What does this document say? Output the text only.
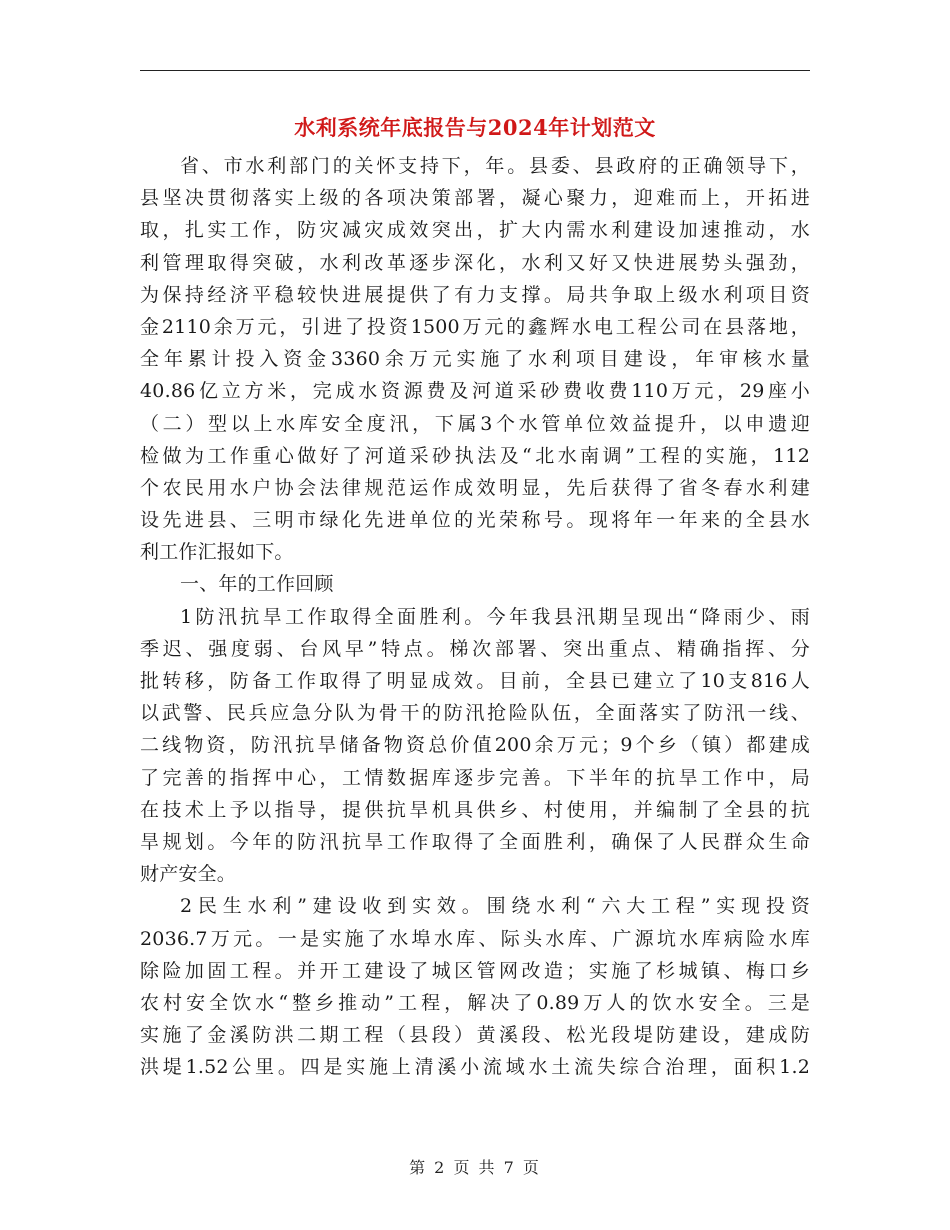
水利系统年底报告与2024年计划范文
省、市水利部门的关怀支持下，年。县委、县政府的正确领导下，
县坚决贯彻落实上级的各项决策部署，凝心聚力，迎难而上，开拓进
取，扎实工作，防灾减灾成效突出，扩大内需水利建设加速推动，水
利管理取得突破，水利改革逐步深化，水利又好又快进展势头强劲，
为保持经济平稳较快进展提供了有力支撑。局共争取上级水利项目资
金2110余万元，引进了投资1500万元的鑫辉水电工程公司在县落地，
全年累计投入资金3360余万元实施了水利项目建设，年审核水量
40.86亿立方米，完成水资源费及河道采砂费收费110万元，29座小
（二）型以上水库安全度汛，下属3个水管单位效益提升，以申遗迎
检做为工作重心做好了河道采砂执法及“北水南调”工程的实施，112
个农民用水户协会法律规范运作成效明显，先后获得了省冬春水利建
设先进县、三明市绿化先进单位的光荣称号。现将年一年来的全县水
利工作汇报如下。
一、年的工作回顾
1防汛抗旱工作取得全面胜利。今年我县汛期呈现出“降雨少、雨
季迟、强度弱、台风早”特点。梯次部署、突出重点、精确指挥、分
批转移，防备工作取得了明显成效。目前，全县已建立了10支816人
以武警、民兵应急分队为骨干的防汛抢险队伍，全面落实了防汛一线、
二线物资，防汛抗旱储备物资总价值200余万元；9个乡（镇）都建成
了完善的指挥中心，工情数据库逐步完善。下半年的抗旱工作中，局
在技术上予以指导，提供抗旱机具供乡、村使用，并编制了全县的抗
旱规划。今年的防汛抗旱工作取得了全面胜利，确保了人民群众生命
财产安全。
2民生水利”建设收到实效。围绕水利“六大工程”实现投资
2036.7万元。一是实施了水埠水库、际头水库、广源坑水库病险水库
除险加固工程。并开工建设了城区管网改造；实施了杉城镇、梅口乡
农村安全饮水“整乡推动”工程，解决了0.89万人的饮水安全。三是
实施了金溪防洪二期工程（县段）黄溪段、松光段堤防建设，建成防
洪堤1.52公里。四是实施上清溪小流域水土流失综合治理，面积1.2
第 2 页 共 7 页
